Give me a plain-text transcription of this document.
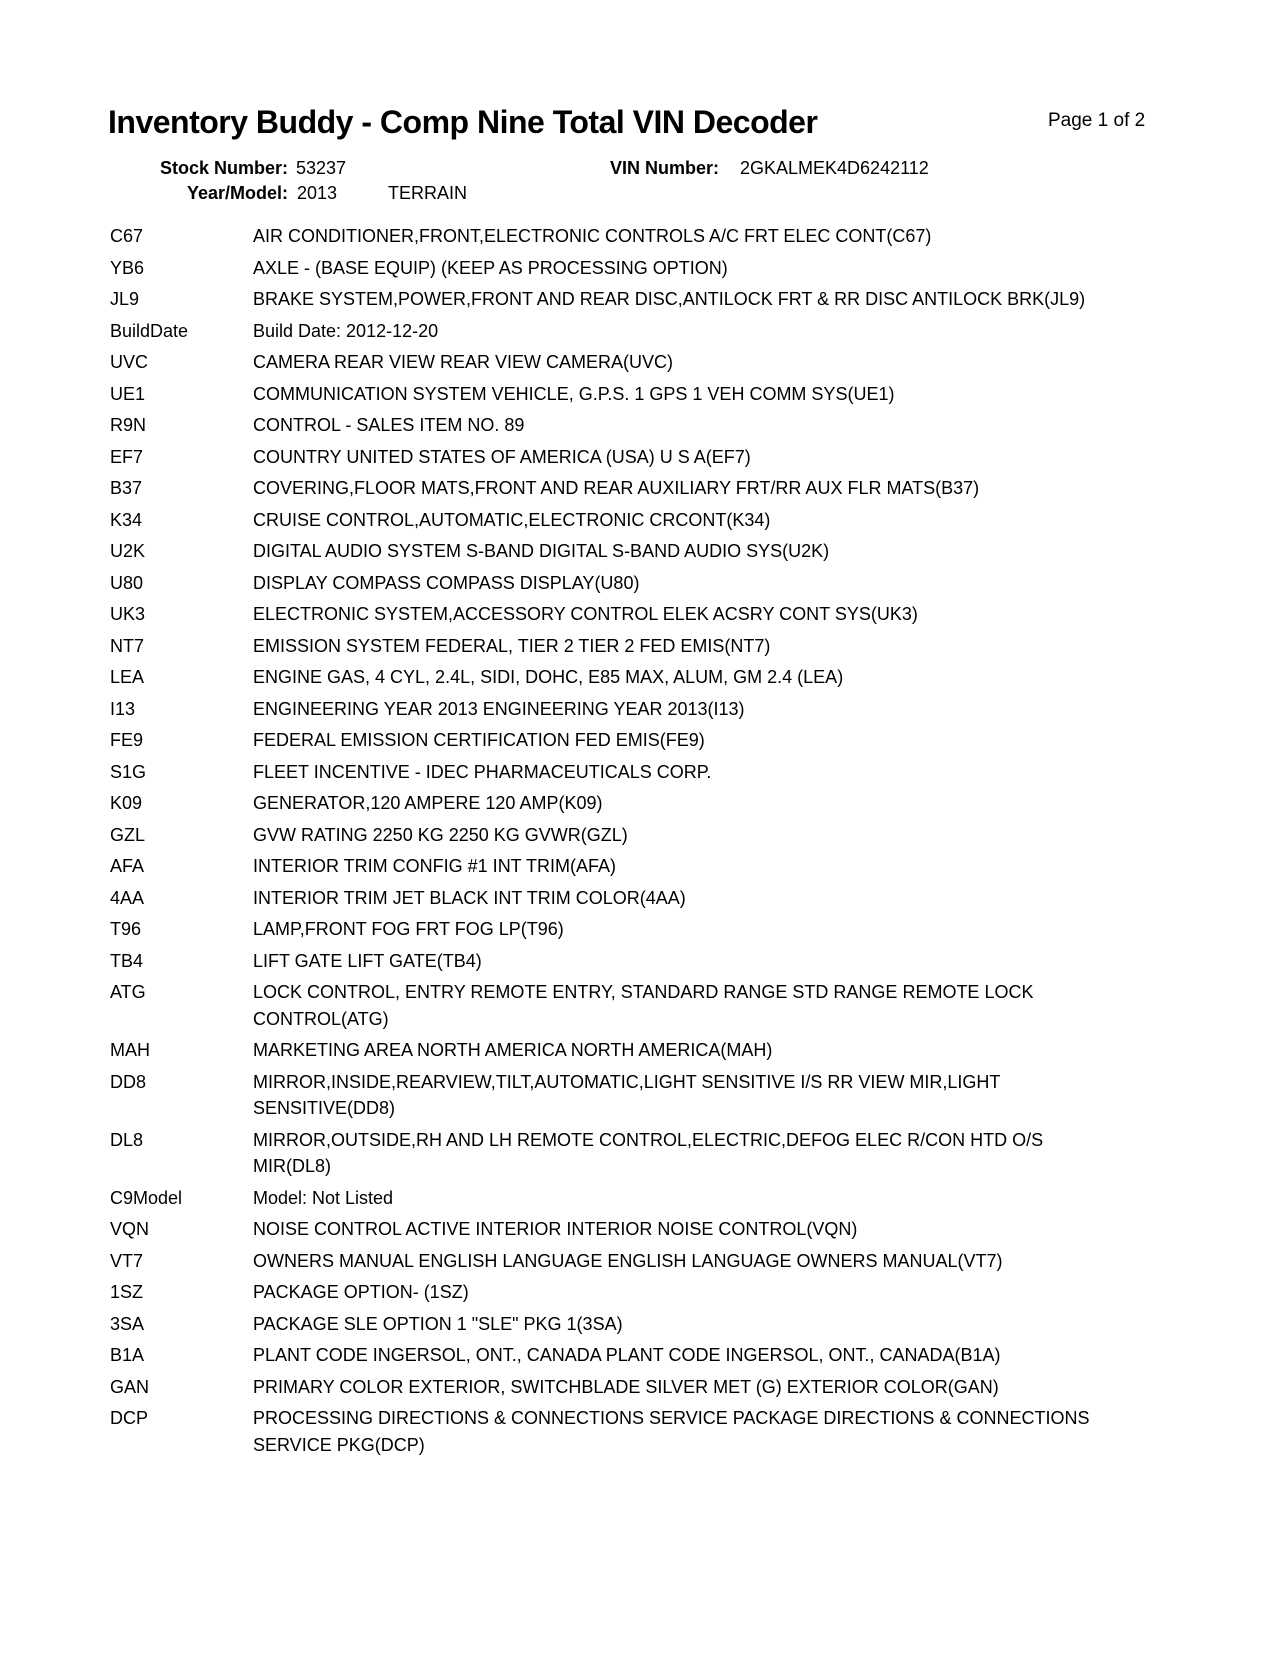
Inventory Buddy - Comp Nine Total VIN Decoder	Page 1 of 2
Stock Number: 53237	VIN Number: 2GKALMEK4D6242112
Year/Model: 2013	TERRAIN
C67	AIR CONDITIONER,FRONT,ELECTRONIC CONTROLS A/C FRT ELEC CONT(C67)
YB6	AXLE - (BASE EQUIP) (KEEP AS PROCESSING OPTION)
JL9	BRAKE SYSTEM,POWER,FRONT AND REAR DISC,ANTILOCK FRT & RR DISC ANTILOCK BRK(JL9)
BuildDate	Build Date: 2012-12-20
UVC	CAMERA REAR VIEW REAR VIEW CAMERA(UVC)
UE1	COMMUNICATION SYSTEM VEHICLE, G.P.S. 1 GPS 1 VEH COMM SYS(UE1)
R9N	CONTROL - SALES ITEM NO. 89
EF7	COUNTRY UNITED STATES OF AMERICA (USA) U S A(EF7)
B37	COVERING,FLOOR MATS,FRONT AND REAR AUXILIARY FRT/RR AUX FLR MATS(B37)
K34	CRUISE CONTROL,AUTOMATIC,ELECTRONIC CRCONT(K34)
U2K	DIGITAL AUDIO SYSTEM S-BAND DIGITAL S-BAND AUDIO SYS(U2K)
U80	DISPLAY COMPASS COMPASS DISPLAY(U80)
UK3	ELECTRONIC SYSTEM,ACCESSORY CONTROL ELEK ACSRY CONT SYS(UK3)
NT7	EMISSION SYSTEM FEDERAL, TIER 2 TIER 2 FED EMIS(NT7)
LEA	ENGINE GAS, 4 CYL, 2.4L, SIDI, DOHC, E85 MAX, ALUM, GM 2.4 (LEA)
I13	ENGINEERING YEAR 2013 ENGINEERING YEAR 2013(I13)
FE9	FEDERAL EMISSION CERTIFICATION FED EMIS(FE9)
S1G	FLEET INCENTIVE - IDEC PHARMACEUTICALS CORP.
K09	GENERATOR,120 AMPERE 120 AMP(K09)
GZL	GVW RATING 2250 KG 2250 KG GVWR(GZL)
AFA	INTERIOR TRIM CONFIG #1 INT TRIM(AFA)
4AA	INTERIOR TRIM JET BLACK INT TRIM COLOR(4AA)
T96	LAMP,FRONT FOG FRT FOG LP(T96)
TB4	LIFT GATE LIFT GATE(TB4)
ATG	LOCK CONTROL, ENTRY REMOTE ENTRY, STANDARD RANGE STD RANGE REMOTE LOCK CONTROL(ATG)
MAH	MARKETING AREA NORTH AMERICA NORTH AMERICA(MAH)
DD8	MIRROR,INSIDE,REARVIEW,TILT,AUTOMATIC,LIGHT SENSITIVE I/S RR VIEW MIR,LIGHT SENSITIVE(DD8)
DL8	MIRROR,OUTSIDE,RH AND LH REMOTE CONTROL,ELECTRIC,DEFOG ELEC R/CON HTD O/S MIR(DL8)
C9Model	Model: Not Listed
VQN	NOISE CONTROL ACTIVE INTERIOR INTERIOR NOISE CONTROL(VQN)
VT7	OWNERS MANUAL ENGLISH LANGUAGE ENGLISH LANGUAGE OWNERS MANUAL(VT7)
1SZ	PACKAGE OPTION- (1SZ)
3SA	PACKAGE SLE OPTION 1 "SLE" PKG 1(3SA)
B1A	PLANT CODE INGERSOL, ONT., CANADA PLANT CODE INGERSOL, ONT., CANADA(B1A)
GAN	PRIMARY COLOR EXTERIOR, SWITCHBLADE SILVER MET (G) EXTERIOR COLOR(GAN)
DCP	PROCESSING DIRECTIONS & CONNECTIONS SERVICE PACKAGE DIRECTIONS & CONNECTIONS SERVICE PKG(DCP)
